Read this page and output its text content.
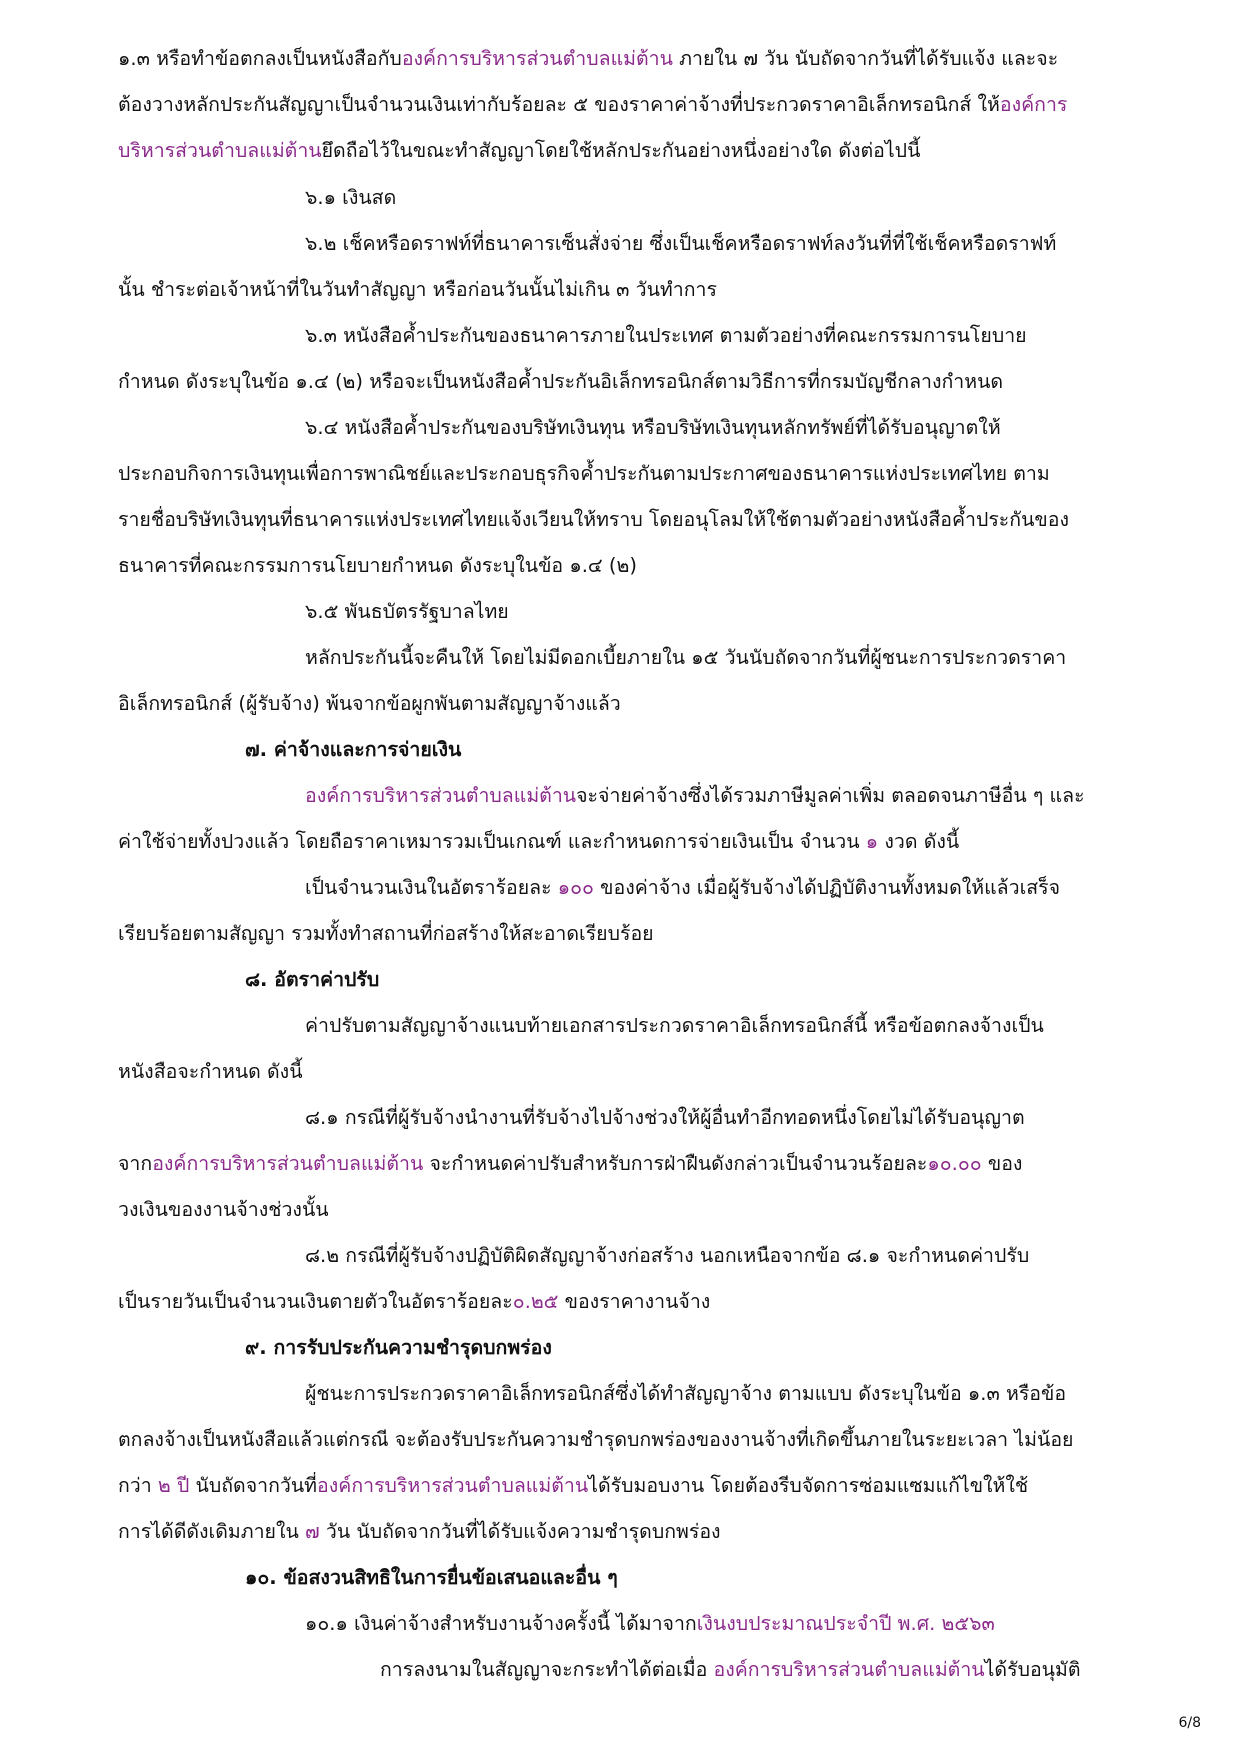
๑.๓ หรือทำข้อตกลงเป็นหนังสือกับองค์การบริหารส่วนตำบลแม่ต้าน ภายใน ๗ วัน นับถัดจากวันที่ได้รับแจ้ง และจะ
ต้องวางหลักประกันสัญญาเป็นจำนวนเงินเท่ากับร้อยละ ๕ ของราคาค่าจ้างที่ประกวดราคาอิเล็กทรอนิกส์ ให้องค์การ
บริหารส่วนตำบลแม่ต้านยึดถือไว้ในขณะทำสัญญาโดยใช้หลักประกันอย่างหนึ่งอย่างใด ดังต่อไปนี้
๖.๑ เงินสด
๖.๒ เช็คหรือดราฟท์ที่ธนาคารเซ็นสั่งจ่าย ซึ่งเป็นเช็คหรือดราฟท์ลงวันที่ที่ใช้เช็คหรือดราฟท์
นั้น ชำระต่อเจ้าหน้าที่ในวันทำสัญญา หรือก่อนวันนั้นไม่เกิน ๓ วันทำการ
๖.๓ หนังสือค้ำประกันของธนาคารภายในประเทศ ตามตัวอย่างที่คณะกรรมการนโยบาย
กำหนด ดังระบุในข้อ ๑.๔ (๒) หรือจะเป็นหนังสือค้ำประกันอิเล็กทรอนิกส์ตามวิธีการที่กรมบัญชีกลางกำหนด
๖.๔ หนังสือค้ำประกันของบริษัทเงินทุน หรือบริษัทเงินทุนหลักทรัพย์ที่ได้รับอนุญาตให้
ประกอบกิจการเงินทุนเพื่อการพาณิชย์และประกอบธุรกิจค้ำประกันตามประกาศของธนาคารแห่งประเทศไทย ตาม
รายชื่อบริษัทเงินทุนที่ธนาคารแห่งประเทศไทยแจ้งเวียนให้ทราบ โดยอนุโลมให้ใช้ตามตัวอย่างหนังสือค้ำประกันของ
ธนาคารที่คณะกรรมการนโยบายกำหนด ดังระบุในข้อ ๑.๔ (๒)
๖.๕ พันธบัตรรัฐบาลไทย
หลักประกันนี้จะคืนให้ โดยไม่มีดอกเบี้ยภายใน ๑๕ วันนับถัดจากวันที่ผู้ชนะการประกวดราคา
อิเล็กทรอนิกส์ (ผู้รับจ้าง) พ้นจากข้อผูกพันตามสัญญาจ้างแล้ว
๗. ค่าจ้างและการจ่ายเงิน
องค์การบริหารส่วนตำบลแม่ต้านจะจ่ายค่าจ้างซึ่งได้รวมภาษีมูลค่าเพิ่ม ตลอดจนภาษีอื่น ๆ และ
ค่าใช้จ่ายทั้งปวงแล้ว โดยถือราคาเหมารวมเป็นเกณฑ์ และกำหนดการจ่ายเงินเป็น จำนวน ๑ งวด ดังนี้
เป็นจำนวนเงินในอัตราร้อยละ ๑๐๐ ของค่าจ้าง เมื่อผู้รับจ้างได้ปฏิบัติงานทั้งหมดให้แล้วเสร็จ
เรียบร้อยตามสัญญา รวมทั้งทำสถานที่ก่อสร้างให้สะอาดเรียบร้อย
๘. อัตราค่าปรับ
ค่าปรับตามสัญญาจ้างแนบท้ายเอกสารประกวดราคาอิเล็กทรอนิกส์นี้ หรือข้อตกลงจ้างเป็น
หนังสือจะกำหนด ดังนี้
๘.๑ กรณีที่ผู้รับจ้างนำงานที่รับจ้างไปจ้างช่วงให้ผู้อื่นทำอีกทอดหนึ่งโดยไม่ได้รับอนุญาต
จากองค์การบริหารส่วนตำบลแม่ต้าน จะกำหนดค่าปรับสำหรับการฝ่าฝืนดังกล่าวเป็นจำนวนร้อยละ๑๐.๐๐ ของ
วงเงินของงานจ้างช่วงนั้น
๘.๒ กรณีที่ผู้รับจ้างปฏิบัติผิดสัญญาจ้างก่อสร้าง นอกเหนือจากข้อ ๘.๑ จะกำหนดค่าปรับ
เป็นรายวันเป็นจำนวนเงินตายตัวในอัตราร้อยละ๐.๒๕ ของราคางานจ้าง
๙. การรับประกันความชำรุดบกพร่อง
ผู้ชนะการประกวดราคาอิเล็กทรอนิกส์ซึ่งได้ทำสัญญาจ้าง ตามแบบ ดังระบุในข้อ ๑.๓ หรือข้อ
ตกลงจ้างเป็นหนังสือแล้วแต่กรณี จะต้องรับประกันความชำรุดบกพร่องของงานจ้างที่เกิดขึ้นภายในระยะเวลา ไม่น้อย
กว่า ๒ ปี นับถัดจากวันที่องค์การบริหารส่วนตำบลแม่ต้านได้รับมอบงาน โดยต้องรีบจัดการซ่อมแซมแก้ไขให้ใช้
การได้ดีดังเดิมภายใน ๗ วัน นับถัดจากวันที่ได้รับแจ้งความชำรุดบกพร่อง
๑๐. ข้อสงวนสิทธิในการยื่นข้อเสนอและอื่น ๆ
๑๐.๑ เงินค่าจ้างสำหรับงานจ้างครั้งนี้ ได้มาจากเงินงบประมาณประจำปี พ.ศ. ๒๕๖๓
การลงนามในสัญญาจะกระทำได้ต่อเมื่อ องค์การบริหารส่วนตำบลแม่ต้านได้รับอนุมัติ
6/8
